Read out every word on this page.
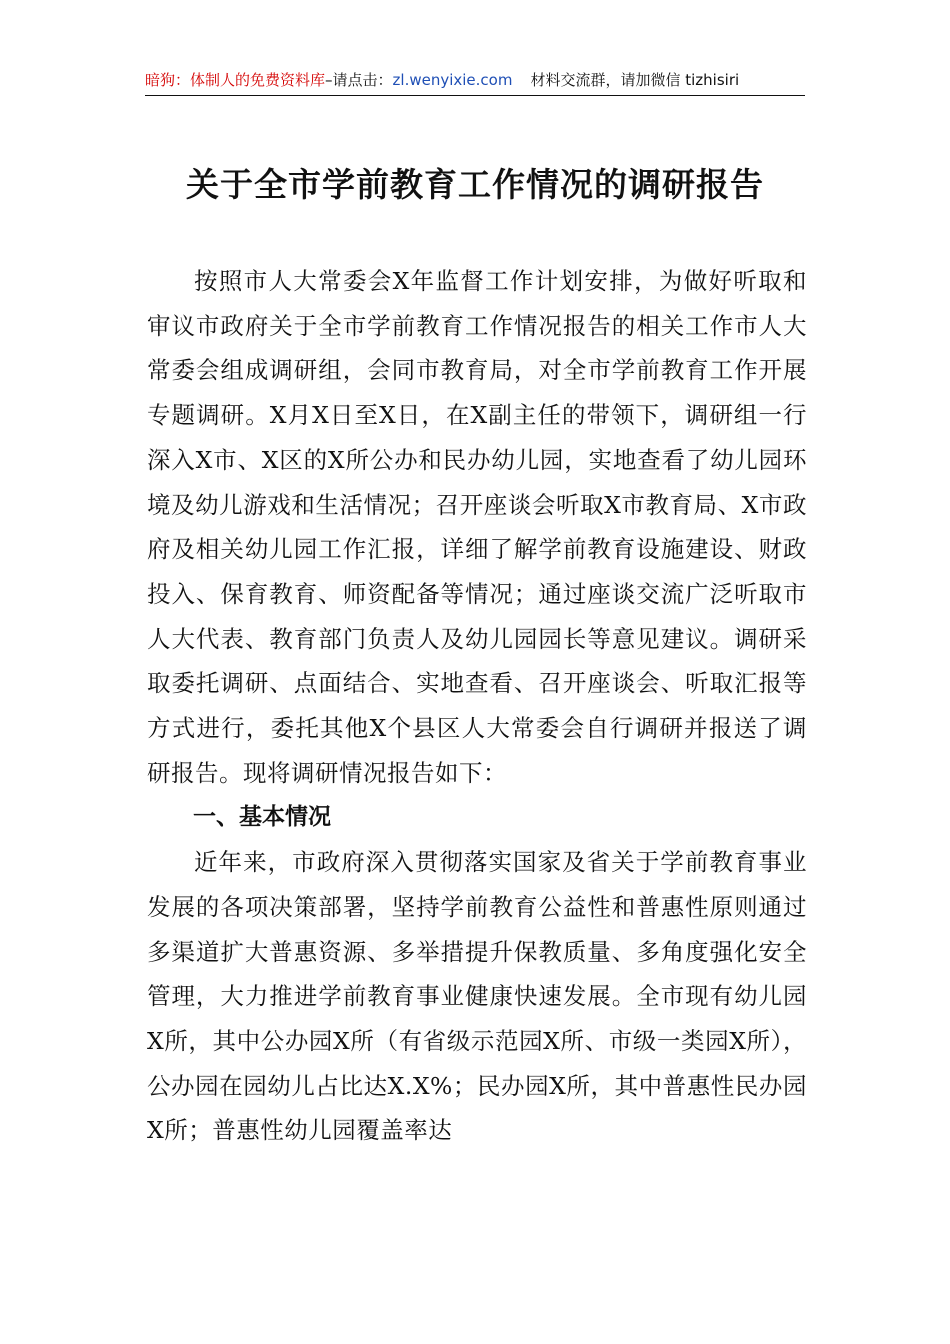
暗狗：体制人的免费资料库–请点击：zl.wenyixie.com 材料交流群，请加微信 tizhisiri
关于全市学前教育工作情况的调研报告

按照市人大常委会X年监督工作计划安排，为做好听取和审议市政府关于全市学前教育工作情况报告的相关工作市人大常委会组成调研组，会同市教育局，对全市学前教育工作开展专题调研。X月X日至X日，在X副主任的带领下，调研组一行深入X市、X区的X所公办和民办幼儿园，实地查看了幼儿园环境及幼儿游戏和生活情况；召开座谈会听取X市教育局、X市政府及相关幼儿园工作汇报，详细了解学前教育设施建设、财政投入、保育教育、师资配备等情况；通过座谈交流广泛听取市人大代表、教育部门负责人及幼儿园园长等意见建议。调研采取委托调研、点面结合、实地查看、召开座谈会、听取汇报等方式进行，委托其他X个县区人大常委会自行调研并报送了调研报告。现将调研情况报告如下：

一、基本情况

近年来，市政府深入贯彻落实国家及省关于学前教育事业发展的各项决策部署，坚持学前教育公益性和普惠性原则通过多渠道扩大普惠资源、多举措提升保教质量、多角度强化安全管理，大力推进学前教育事业健康快速发展。全市现有幼儿园X所，其中公办园X所（有省级示范园X所、市级一类园X所），公办园在园幼儿占比达X.X%；民办园X所，其中普惠性民办园X所；普惠性幼儿园覆盖率达
